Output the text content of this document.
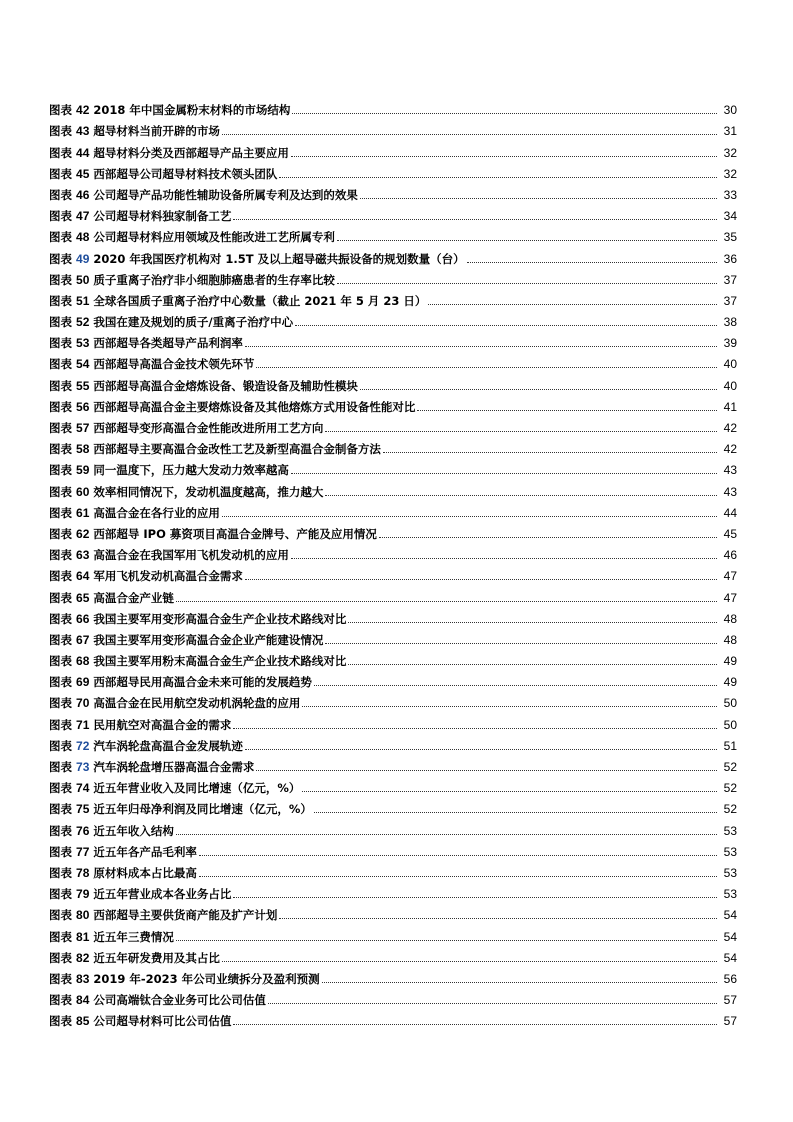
图表 42 2018 年中国金属粉末材料的市场结构	30
图表 43 超导材料当前开辟的市场	31
图表 44 超导材料分类及西部超导产品主要应用	32
图表 45 西部超导公司超导材料技术领头团队	32
图表 46 公司超导产品功能性辅助设备所属专利及达到的效果	33
图表 47 公司超导材料独家制备工艺	34
图表 48 公司超导材料应用领域及性能改进工艺所属专利	35
图表 49 2020 年我国医疗机构对 1.5T 及以上超导磁共振设备的规划数量（台）	36
图表 50 质子重离子治疗非小细胞肺癌患者的生存率比较	37
图表 51 全球各国质子重离子治疗中心数量（截止 2021 年 5 月 23 日）	37
图表 52 我国在建及规划的质子/重离子治疗中心	38
图表 53 西部超导各类超导产品利润率	39
图表 54 西部超导高温合金技术领先环节	40
图表 55 西部超导高温合金熔炼设备、锻造设备及辅助性模块	40
图表 56 西部超导高温合金主要熔炼设备及其他熔炼方式用设备性能对比	41
图表 57 西部超导变形高温合金性能改进所用工艺方向	42
图表 58 西部超导主要高温合金改性工艺及新型高温合金制备方法	42
图表 59 同一温度下，压力越大发动力效率越高	43
图表 60 效率相同情况下，发动机温度越高，推力越大	43
图表 61 高温合金在各行业的应用	44
图表 62 西部超导 IPO 募资项目高温合金牌号、产能及应用情况	45
图表 63 高温合金在我国军用飞机发动机的应用	46
图表 64 军用飞机发动机高温合金需求	47
图表 65 高温合金产业链	47
图表 66 我国主要军用变形高温合金生产企业技术路线对比	48
图表 67 我国主要军用变形高温合金企业产能建设情况	48
图表 68 我国主要军用粉末高温合金生产企业技术路线对比	49
图表 69 西部超导民用高温合金未来可能的发展趋势	49
图表 70 高温合金在民用航空发动机涡轮盘的应用	50
图表 71 民用航空对高温合金的需求	50
图表 72 汽车涡轮盘高温合金发展轨迹	51
图表 73 汽车涡轮盘增压器高温合金需求	52
图表 74 近五年营业收入及同比增速（亿元，%）	52
图表 75 近五年归母净利润及同比增速（亿元，%）	52
图表 76 近五年收入结构	53
图表 77 近五年各产品毛利率	53
图表 78 原材料成本占比最高	53
图表 79 近五年营业成本各业务占比	53
图表 80 西部超导主要供货商产能及扩产计划	54
图表 81 近五年三费情况	54
图表 82 近五年研发费用及其占比	54
图表 83 2019 年-2023 年公司业绩拆分及盈利预测	56
图表 84 公司高端钛合金业务可比公司估值	57
图表 85 公司超导材料可比公司估值	57
